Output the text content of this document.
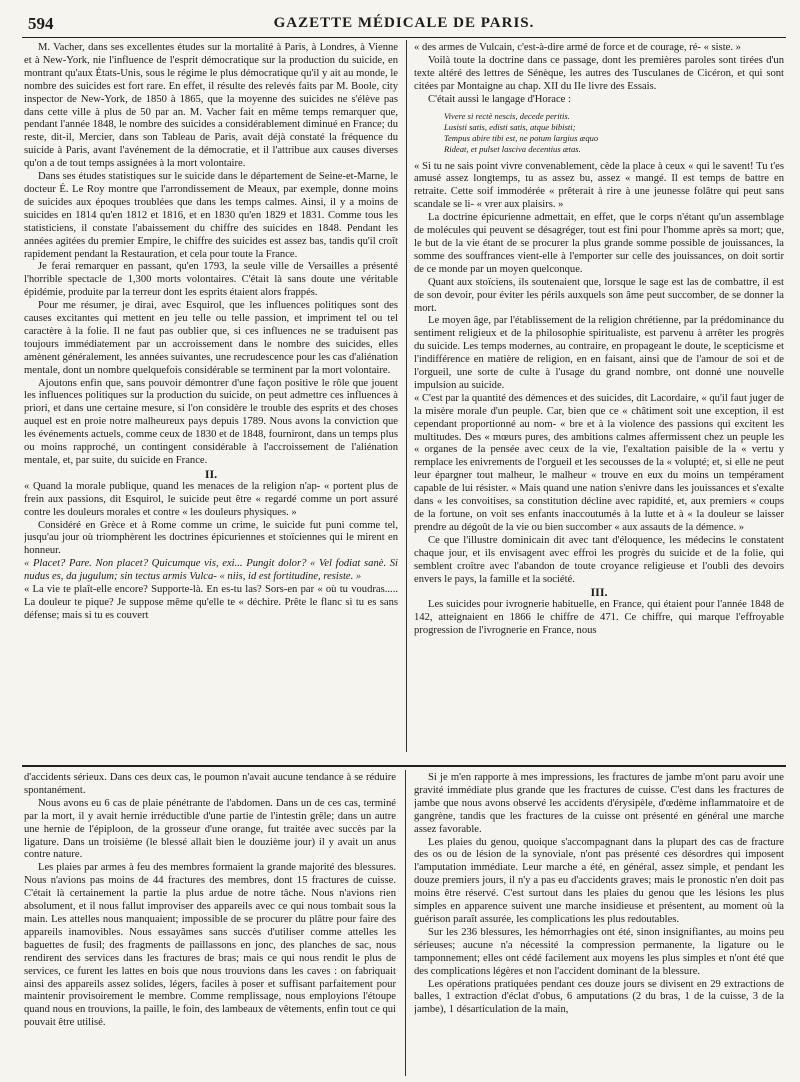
594	GAZETTE MÉDICALE DE PARIS.

M. Vacher, dans ses excellentes études sur la mortalité à Paris, à Londres, à Vienne et à New-York, nie l'influence de l'esprit démocratique sur la production du suicide, en montrant qu'aux États-Unis, sous le régime le plus démocratique qu'il y ait au monde, le nombre des suicides est fort rare. En effet, il résulte des relevés faits par M. Boole, city inspector de New-York, de 1850 à 1865, que la moyenne des suicides ne s'élève pas dans cette ville à plus de 50 par an. M. Vacher fait en même temps remarquer que, pendant l'année 1848, le nombre des suicides a considérablement diminué en France; du reste, dit-il, Mercier, dans son Tableau de Paris, avait déjà constaté la fréquence du suicide à Paris, avant l'avénement de la démocratie, et il l'attribue aux causes diverses qu'on a de tout temps assignées à la mort volontaire.

Dans ses études statistiques sur le suicide dans le département de Seine-et-Marne, le docteur É. Le Roy montre que l'arrondissement de Meaux, par exemple, donne moins de suicides aux époques troublées que dans les temps calmes. Ainsi, il y a moins de suicides en 1814 qu'en 1812 et 1816, et en 1830 qu'en 1829 et 1831. Comme tous les statisticiens, il constate l'abaissement du chiffre des suicides en 1848. Pendant les années agitées du premier Empire, le chiffre des suicides est assez bas, tandis qu'il croît rapidement pendant la Restauration, et cela pour toute la France.

Je ferai remarquer en passant, qu'en 1793, la seule ville de Versailles a présenté l'horrible spectacle de 1,300 morts volontaires. C'était là sans doute une véritable épidémie, produite par la terreur dont les esprits étaient alors frappés.

Pour me résumer, je dirai, avec Esquirol, que les influences politiques sont des causes excitantes qui mettent en jeu telle ou telle passion, et impriment tel ou tel caractère à la folie. Il ne faut pas oublier que, si ces influences ne se traduisent pas toujours immédiatement par un accroissement dans le nombre des suicides, elles amènent généralement, les années suivantes, une recrudescence pour les cas d'aliénation mentale, dont un nombre quelquefois considérable se terminent par la mort volontaire.

Ajoutons enfin que, sans pouvoir démontrer d'une façon positive le rôle que jouent les influences politiques sur la production du suicide, on peut admettre ces influences à priori, et dans une certaine mesure, si l'on considère le trouble des esprits et des choses auquel est en proie notre malheureux pays depuis 1789. Nous avons la conviction que les événements actuels, comme ceux de 1830 et de 1848, fourniront, dans un temps plus ou moins rapproché, un contingent considérable à l'accroissement de l'aliénation mentale, et, par suite, du suicide en France.

II.

« Quand la morale publique, quand les menaces de la religion n'ap- « portent plus de frein aux passions, dit Esquirol, le suicide peut être « regardé comme un port assuré contre les douleurs morales et contre « les douleurs physiques. »

Considéré en Grèce et à Rome comme un crime, le suicide fut puni comme tel, jusqu'au jour où triomphèrent les doctrines épicuriennes et stoïciennes qui le mirent en honneur.

« Placet? Pare. Non placet? Quicumque vis, exi... Pungit dolor? « Vel fodiat sanè. Si nudus es, da jugulum; sin tectus armis Vulca- « niis, id est fortitudine, resiste. »

« La vie te plaît-elle encore? Supporte-là. En es-tu las? Sors-en par « où tu voudras..... La douleur te pique? Je suppose même qu'elle te « déchire. Prête le flanc si tu es sans défense; mais si tu es couvert

« des armes de Vulcain, c'est-à-dire armé de force et de courage, ré- « siste. »

Voilà toute la doctrine dans ce passage, dont les premières paroles sont tirées d'un texte altéré des lettres de Sénèque, les autres des Tusculanes de Cicéron, et qui sont citées par Montaigne au chap. XII du IIe livre des Essais.

C'était aussi le langage d'Horace :

Vivere si rectè nescis, decede peritis.
Lusisti satis, edisti satis, atque bibisti;
Tempus abire tibi est, ne potum largius æquo
Rideat, et pulset lasciva decentius ætas.

« Si tu ne sais point vivre convenablement, cède la place à ceux « qui le savent! Tu t'es amusé assez longtemps, tu as assez bu, assez « mangé. Il est temps de battre en retraite. Cette soif immodérée « prêterait à rire à une jeunesse folâtre qui peut sans scandale se li- « vrer aux plaisirs. »

La doctrine épicurienne admettait, en effet, que le corps n'étant qu'un assemblage de molécules qui peuvent se désagréger, tout est fini pour l'homme après sa mort; que, le but de la vie étant de se procurer la plus grande somme possible de jouissances, la somme des souffrances vient-elle à l'emporter sur celle des jouissances, on doit sortir de ce monde par un moyen quelconque.

Quant aux stoïciens, ils soutenaient que, lorsque le sage est las de combattre, il est de son devoir, pour éviter les périls auxquels son âme peut succomber, de se donner la mort.

Le moyen âge, par l'établissement de la religion chrétienne, par la prédominance du sentiment religieux et de la philosophie spiritualiste, est parvenu à arrêter les progrès du suicide. Les temps modernes, au contraire, en propageant le doute, le scepticisme et l'indifférence en matière de religion, en en faisant, ainsi que de l'amour de soi et de l'orgueil, une sorte de culte à l'usage du grand nombre, ont donné une nouvelle impulsion au suicide.

« C'est par la quantité des démences et des suicides, dit Lacordaire, « qu'il faut juger de la misère morale d'un peuple. Car, bien que ce « châtiment soit une exception, il est cependant proportionné au nom- « bre et à la violence des passions qui excitent les multitudes. Des « mœurs pures, des ambitions calmes affermissent chez un peuple les « organes de la pensée avec ceux de la vie, l'exaltation paisible de la « vertu y remplace les enivrements de l'orgueil et les secousses de la « volupté; et, si elle ne peut leur épargner tout malheur, le malheur « trouve en eux du moins un tempérament capable de lui résister. « Mais quand une nation s'enivre dans les jouissances et s'exalte dans « les convoitises, sa constitution décline avec rapidité, et, aux premiers « coups de la fortune, on voit ses enfants inaccoutumés à la lutte et à « la douleur se laisser prendre au dégoût de la vie ou bien succomber « aux assauts de la démence. »

Ce que l'illustre dominicain dit avec tant d'éloquence, les médecins le constatent chaque jour, et ils envisagent avec effroi les progrès du suicide et de la folie, qui semblent croître avec l'abandon de toute croyance religieuse et l'oubli des devoirs envers le pays, la famille et la société.

III.

Les suicides pour ivrognerie habituelle, en France, qui étaient pour l'année 1848 de 142, atteignaient en 1866 le chiffre de 471. Ce chiffre, qui marque l'effroyable progression de l'ivrognerie en France, nous

d'accidents sérieux. Dans ces deux cas, le poumon n'avait aucune tendance à se réduire spontanément.

Nous avons eu 6 cas de plaie pénétrante de l'abdomen. Dans un de ces cas, terminé par la mort, il y avait hernie irréductible d'une partie de l'intestin grêle; dans un autre une hernie de l'épiploon, de la grosseur d'une orange, fut traitée avec succès par la ligature. Dans un troisième (le blessé allait bien le douzième jour) il y avait un anus contre nature.

Les plaies par armes à feu des membres formaient la grande majorité des blessures. Nous n'avions pas moins de 44 fractures des membres, dont 15 fractures de cuisse. C'était là certainement la partie la plus ardue de notre tâche. Nous n'avions rien absolument, et il nous fallut improviser des appareils avec ce qui nous tombait sous la main. Les attelles nous manquaient; impossible de se procurer du plâtre pour faire des appareils inamovibles. Nous essayâmes sans succès d'utiliser comme attelles les baguettes de fusil; des fragments de paillassons en jonc, des planches de sac, nous rendirent des services dans les fractures de bras; mais ce qui nous rendit le plus de services, ce furent les lattes en bois que nous trouvions dans les caves : on fabriquait ainsi des appareils assez solides, légers, faciles à poser et suffisant parfaitement pour maintenir provisoirement le membre. Comme remplissage, nous employions l'étoupe quand nous en trouvions, la paille, le foin, des lambeaux de vêtements, enfin tout ce qui pouvait être utilisé.

Si je m'en rapporte à mes impressions, les fractures de jambe m'ont paru avoir une gravité immédiate plus grande que les fractures de cuisse. C'est dans les fractures de jambe que nous avons observé les accidents d'érysipèle, d'œdème inflammatoire et de gangrène, tandis que les fractures de la cuisse ont présenté en général une marche assez favorable.

Les plaies du genou, quoique s'accompagnant dans la plupart des cas de fracture des os ou de lésion de la synoviale, n'ont pas présenté ces désordres qui imposent l'amputation immédiate. Leur marche a été, en général, assez simple, et pendant les douze premiers jours, il n'y a pas eu d'accidents graves; mais le pronostic n'en doit pas moins être réservé. C'est surtout dans les plaies du genou que les lésions les plus simples en apparence suivent une marche insidieuse et présentent, au moment où la guérison paraît assurée, les complications les plus redoutables.

Sur les 236 blessures, les hémorrhagies ont été, sinon insignifiantes, au moins peu sérieuses; aucune n'a nécessité la compression permanente, la ligature ou le tamponnement; elles ont cédé facilement aux moyens les plus simples et n'ont été que des complications légères et non l'accident dominant de la blessure.

Les opérations pratiquées pendant ces douze jours se divisent en 29 extractions de balles, 1 extraction d'éclat d'obus, 6 amputations (2 du bras, 1 de la cuisse, 3 de la jambe), 1 désarticulation de la main,
